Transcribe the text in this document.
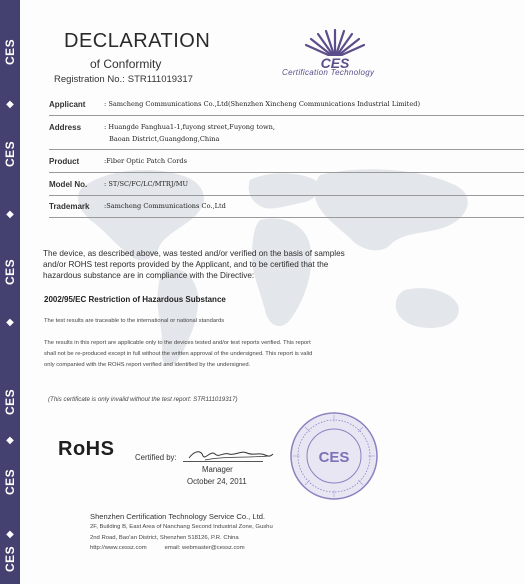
CES
◆
CES
◆
CES
◆
CES
◆
CES
◆
CES
DECLARATION
of Conformity
Registration No.: STR111019317
CES
Certification Technology
Applicant	: Samcheng Communications Co.,Ltd(Shenzhen Xincheng Communications Industrial Limited)
Address	: Huangde Fanghua1-1,fuyong street,Fuyong town,
Baoan District,Guangdong,China
Product	:Fiber Optic Patch Cords
Model No.	: ST/SC/FC/LC/MTRJ/MU
Trademark :Samcheng Communications Co.,Ltd
The device, as described above, was tested and/or verified on the basis of samples
and/or ROHS test reports provided by the Applicant, and to be certified that the
hazardous substance are in compliance with the Directive:
2002/95/EC Restriction of Hazardous Substance
The test results are traceable to the international or national standards
The results in this report are applicable only to the devices tested and/or test reports verified. This report
shall not be re-produced except in full without the written approval of the undersigned. This report is valid
only companied with the ROHS report verified and identified by the undersigned.
(This certificate is only invalid without the test report: STR111019317)
RoHS	Certified by:
Manager
October 24, 2011
CES
Shenzhen Certification Technology Service Co., Ltd.
2F, Building B, East Area of Nanchang Second Industrial Zone, Gushu
2nd Road, Bao'an District, Shenzhen 518126, P.R. China
http://www.cessz.com	email: webmaster@cessz.com
